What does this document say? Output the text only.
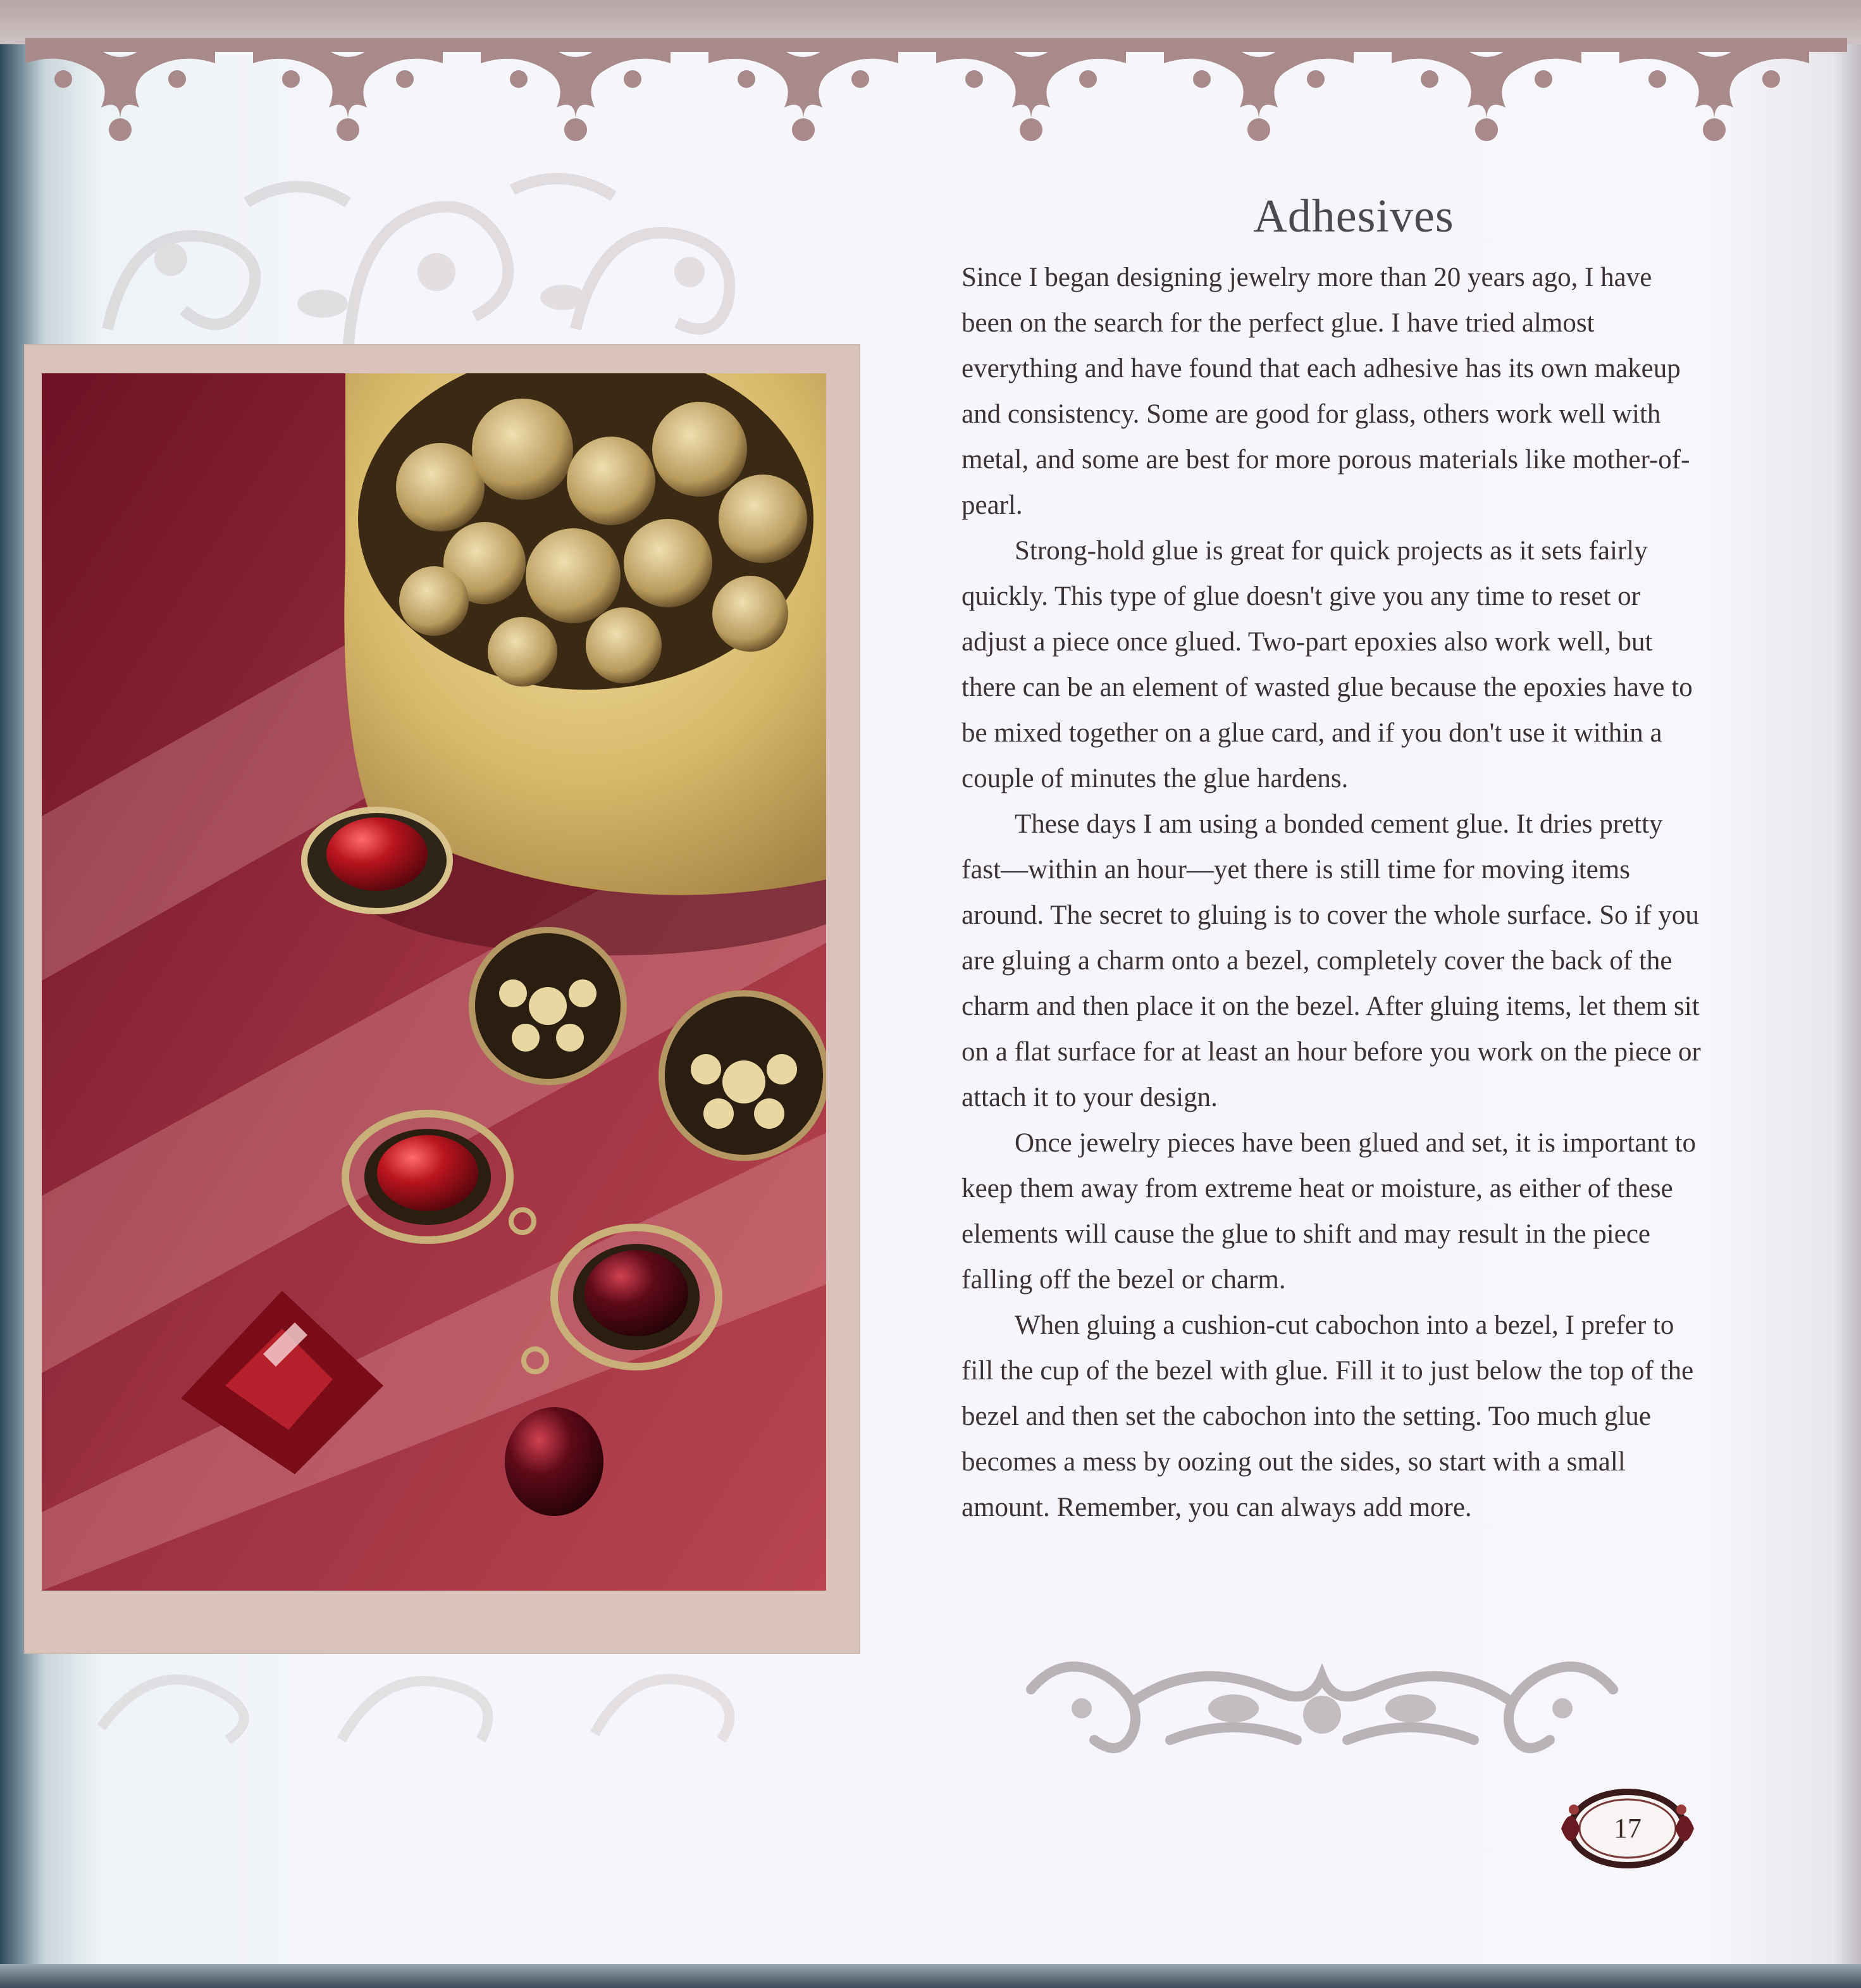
Adhesives

Since I began designing jewelry more than 20 years ago, I have been on the search for the perfect glue. I have tried almost everything and have found that each adhesive has its own makeup and consistency. Some are good for glass, others work well with metal, and some are best for more porous materials like mother-of-pearl.

Strong-hold glue is great for quick projects as it sets fairly quickly. This type of glue doesn't give you any time to reset or adjust a piece once glued. Two-part epoxies also work well, but there can be an element of wasted glue because the epoxies have to be mixed together on a glue card, and if you don't use it within a couple of minutes the glue hardens.

These days I am using a bonded cement glue. It dries pretty fast—within an hour—yet there is still time for moving items around. The secret to gluing is to cover the whole surface. So if you are gluing a charm onto a bezel, completely cover the back of the charm and then place it on the bezel. After gluing items, let them sit on a flat surface for at least an hour before you work on the piece or attach it to your design.

Once jewelry pieces have been glued and set, it is important to keep them away from extreme heat or moisture, as either of these elements will cause the glue to shift and may result in the piece falling off the bezel or charm.

When gluing a cushion-cut cabochon into a bezel, I prefer to fill the cup of the bezel with glue. Fill it to just below the top of the bezel and then set the cabochon into the setting. Too much glue becomes a mess by oozing out the sides, so start with a small amount. Remember, you can always add more.

17
